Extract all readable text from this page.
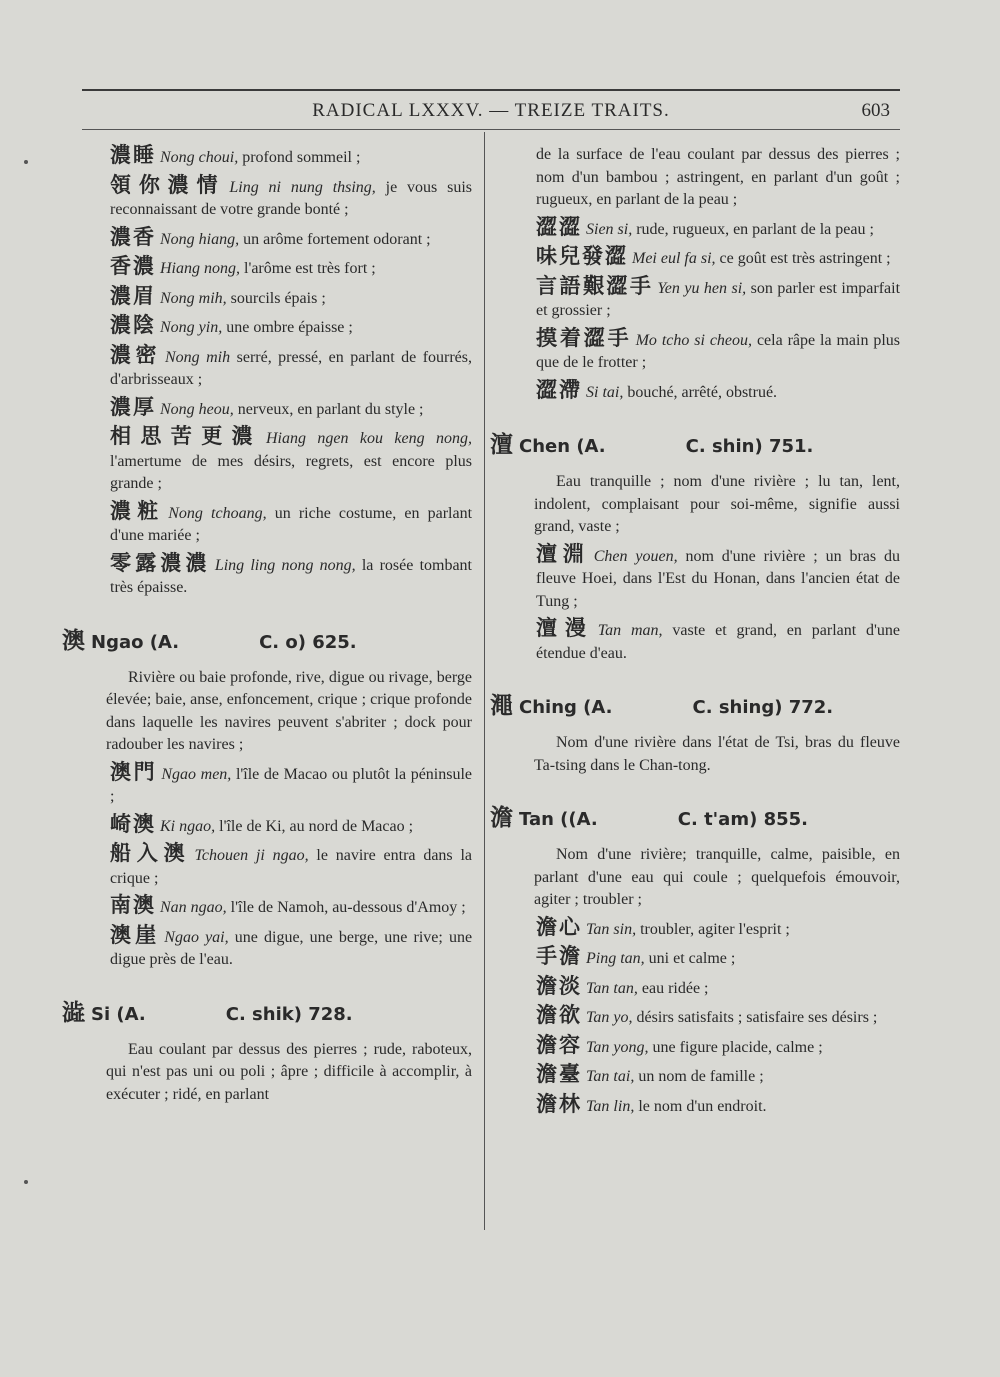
RADICAL LXXXV. — TREIZE TRAITS.	603
濃睡 Nong choui, profond sommeil ;
領你濃情 Ling ni nung thsing, je vous suis reconnaissant de votre grande bonté ;
濃香 Nong hiang, un arôme fortement odorant ;
香濃 Hiang nong, l'arôme est très fort ;
濃眉 Nong mih, sourcils épais ;
濃陰 Nong yin, une ombre épaisse ;
濃密 Nong mih serré, pressé, en parlant de fourrés, d'arbrisseaux ;
濃厚 Nong heou, nerveux, en parlant du style ;
相思苦更濃 Hiang ngen kou keng nong, l'amertume de mes désirs, regrets, est encore plus grande ;
濃粧 Nong tchoang, un riche costume, en parlant d'une mariée ;
零露濃濃 Ling ling nong nong, la rosée tombant très épaisse.
澳 Ngao (A.	C. o) 625.
Rivière ou baie profonde, rive, digue ou rivage, berge élevée; baie, anse, enfoncement, crique ; crique profonde dans laquelle les navires peuvent s'abriter ; dock pour radouber les navires ;
澳門 Ngao men, l'île de Macao ou plutôt la péninsule ;
崎澳 Ki ngao, l'île de Ki, au nord de Macao ;
船入澳 Tchouen ji ngao, le navire entra dans la crique ;
南澳 Nan ngao, l'île de Namoh, au-dessous d'Amoy ;
澳崖 Ngao yai, une digue, une berge, une rive; une digue près de l'eau.
澁 Si (A.	C. shik) 728.
Eau coulant par dessus des pierres ; rude, raboteux, qui n'est pas uni ou poli ; âpre ; difficile à accomplir, à exécuter ; ridé, en parlant
de la surface de l'eau coulant par dessus des pierres ; nom d'un bambou ; astringent, en parlant d'un goût ; rugueux, en parlant de la peau ;
澀澀 Sien si, rude, rugueux, en parlant de la peau ;
味兒發澀 Mei eul fa si, ce goût est très astringent ;
言語艱澀手 Yen yu hen si, son parler est imparfait et grossier ;
摸着澀手 Mo tcho si cheou, cela râpe la main plus que de le frotter ;
澀滯 Si tai, bouché, arrêté, obstrué.
澶 Chen (A.	C. shin) 751.
Eau tranquille ; nom d'une rivière ; lu tan, lent, indolent, complaisant pour soi-même, signifie aussi grand, vaste ;
澶淵 Chen youen, nom d'une rivière ; un bras du fleuve Hoei, dans l'Est du Honan, dans l'ancien état de Tung ;
澶漫 Tan man, vaste et grand, en parlant d'une étendue d'eau.
澠 Ching (A.	C. shing) 772.
Nom d'une rivière dans l'état de Tsi, bras du fleuve Ta-tsing dans le Chan-tong.
澹 Tan ((A.	C. t'am) 855.
Nom d'une rivière; tranquille, calme, paisible, en parlant d'une eau qui coule ; quelquefois émouvoir, agiter ; troubler ;
澹心 Tan sin, troubler, agiter l'esprit ;
手澹 Ping tan, uni et calme ;
澹淡 Tan tan, eau ridée ;
澹欲 Tan yo, désirs satisfaits ; satisfaire ses désirs ;
澹容 Tan yong, une figure placide, calme ;
澹臺 Tan tai, un nom de famille ;
澹林 Tan lin, le nom d'un endroit.
